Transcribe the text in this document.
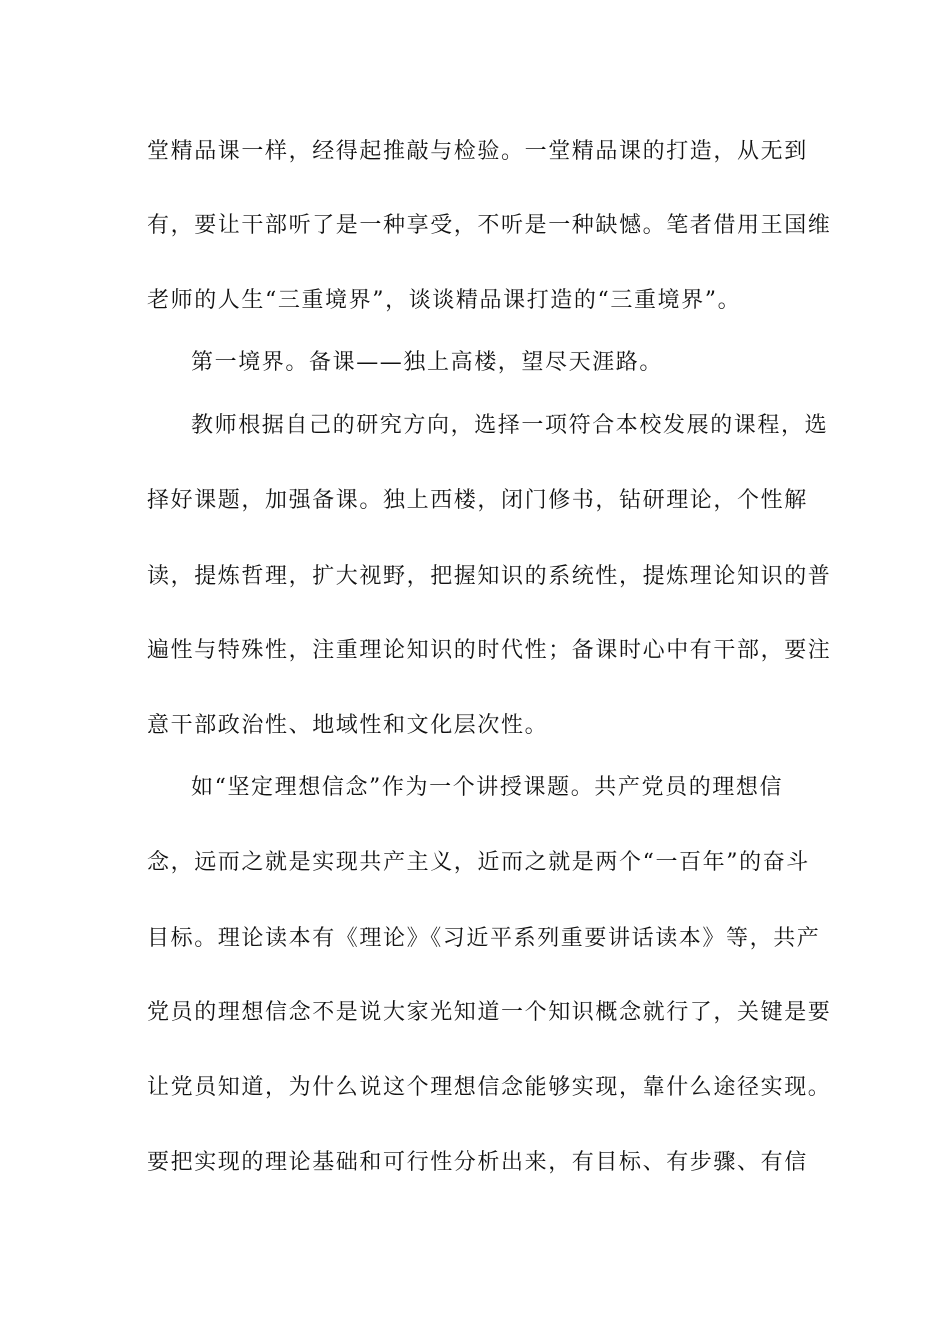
堂精品课一样，经得起推敲与检验。一堂精品课的打造，从无到
有，要让干部听了是一种享受，不听是一种缺憾。笔者借用王国维
老师的人生“三重境界”，谈谈精品课打造的“三重境界”。
第一境界。备课——独上高楼，望尽天涯路。
教师根据自己的研究方向，选择一项符合本校发展的课程，选
择好课题，加强备课。独上西楼，闭门修书，钻研理论，个性解
读，提炼哲理，扩大视野，把握知识的系统性，提炼理论知识的普
遍性与特殊性，注重理论知识的时代性；备课时心中有干部，要注
意干部政治性、地域性和文化层次性。
如“坚定理想信念”作为一个讲授课题。共产党员的理想信
念，远而之就是实现共产主义，近而之就是两个“一百年”的奋斗
目标。理论读本有《理论》《习近平系列重要讲话读本》等，共产
党员的理想信念不是说大家光知道一个知识概念就行了，关键是要
让党员知道，为什么说这个理想信念能够实现，靠什么途径实现。
要把实现的理论基础和可行性分析出来，有目标、有步骤、有信
